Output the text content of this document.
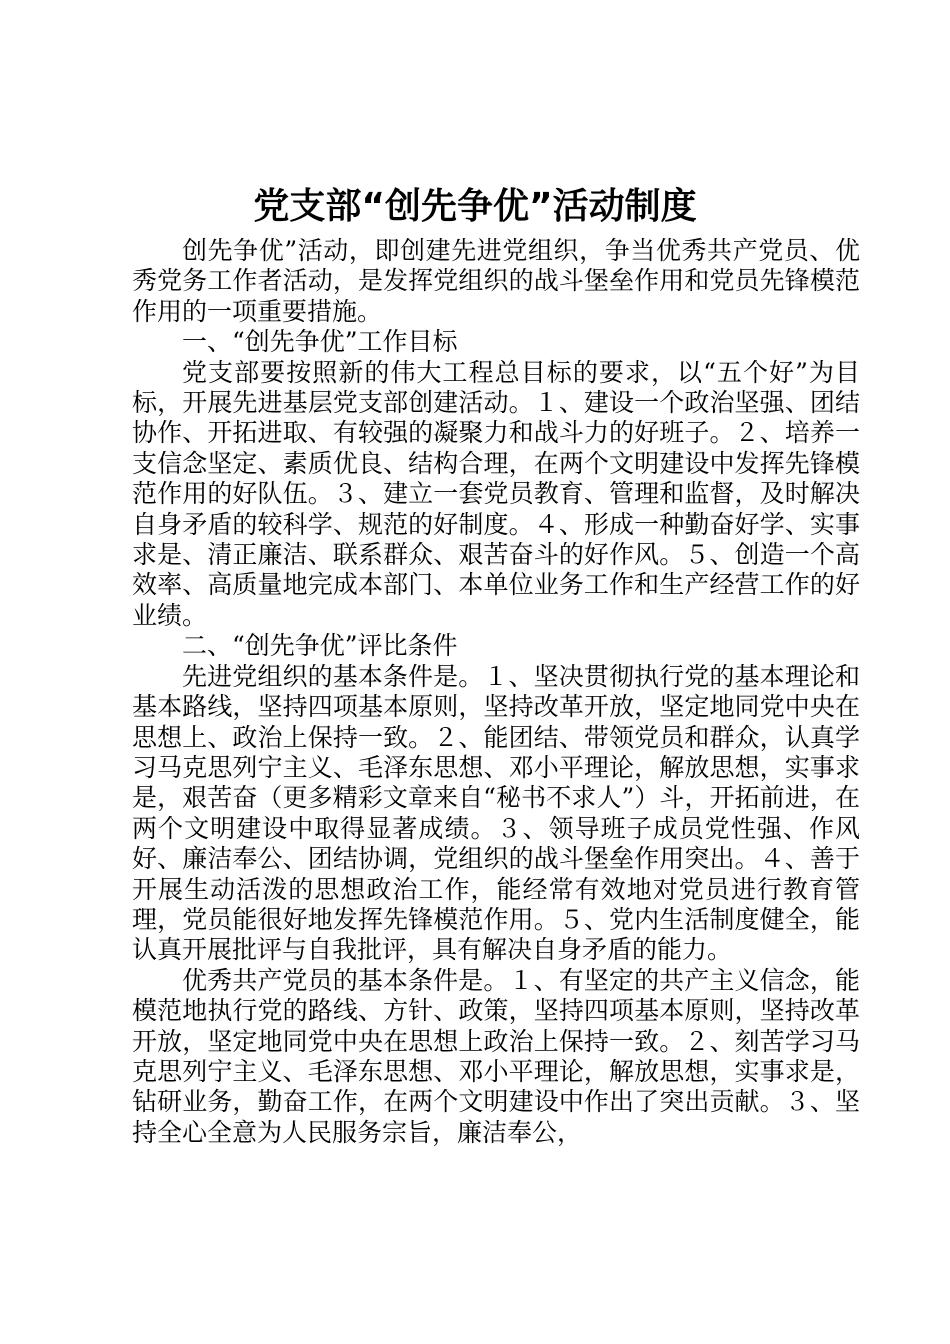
党支部“创先争优”活动制度

创先争优”活动，即创建先进党组织，争当优秀共产党员、优秀党务工作者活动，是发挥党组织的战斗堡垒作用和党员先锋模范作用的一项重要措施。

一、“创先争优”工作目标

党支部要按照新的伟大工程总目标的要求，以“五个好”为目标，开展先进基层党支部创建活动。１、建设一个政治坚强、团结协作、开拓进取、有较强的凝聚力和战斗力的好班子。２、培养一支信念坚定、素质优良、结构合理，在两个文明建设中发挥先锋模范作用的好队伍。３、建立一套党员教育、管理和监督，及时解决自身矛盾的较科学、规范的好制度。４、形成一种勤奋好学、实事求是、清正廉洁、联系群众、艰苦奋斗的好作风。５、创造一个高效率、高质量地完成本部门、本单位业务工作和生产经营工作的好业绩。

二、“创先争优”评比条件

先进党组织的基本条件是。１、坚决贯彻执行党的基本理论和基本路线，坚持四项基本原则，坚持改革开放，坚定地同党中央在思想上、政治上保持一致。２、能团结、带领党员和群众，认真学习马克思列宁主义、毛泽东思想、邓小平理论，解放思想，实事求是，艰苦奋（更多精彩文章来自“秘书不求人”）斗，开拓前进，在两个文明建设中取得显著成绩。３、领导班子成员党性强、作风好、廉洁奉公、团结协调，党组织的战斗堡垒作用突出。４、善于开展生动活泼的思想政治工作，能经常有效地对党员进行教育管理，党员能很好地发挥先锋模范作用。５、党内生活制度健全，能认真开展批评与自我批评，具有解决自身矛盾的能力。

优秀共产党员的基本条件是。１、有坚定的共产主义信念，能模范地执行党的路线、方针、政策，坚持四项基本原则，坚持改革开放，坚定地同党中央在思想上政治上保持一致。２、刻苦学习马克思列宁主义、毛泽东思想、邓小平理论，解放思想，实事求是，钻研业务，勤奋工作，在两个文明建设中作出了突出贡献。３、坚持全心全意为人民服务宗旨，廉洁奉公，
